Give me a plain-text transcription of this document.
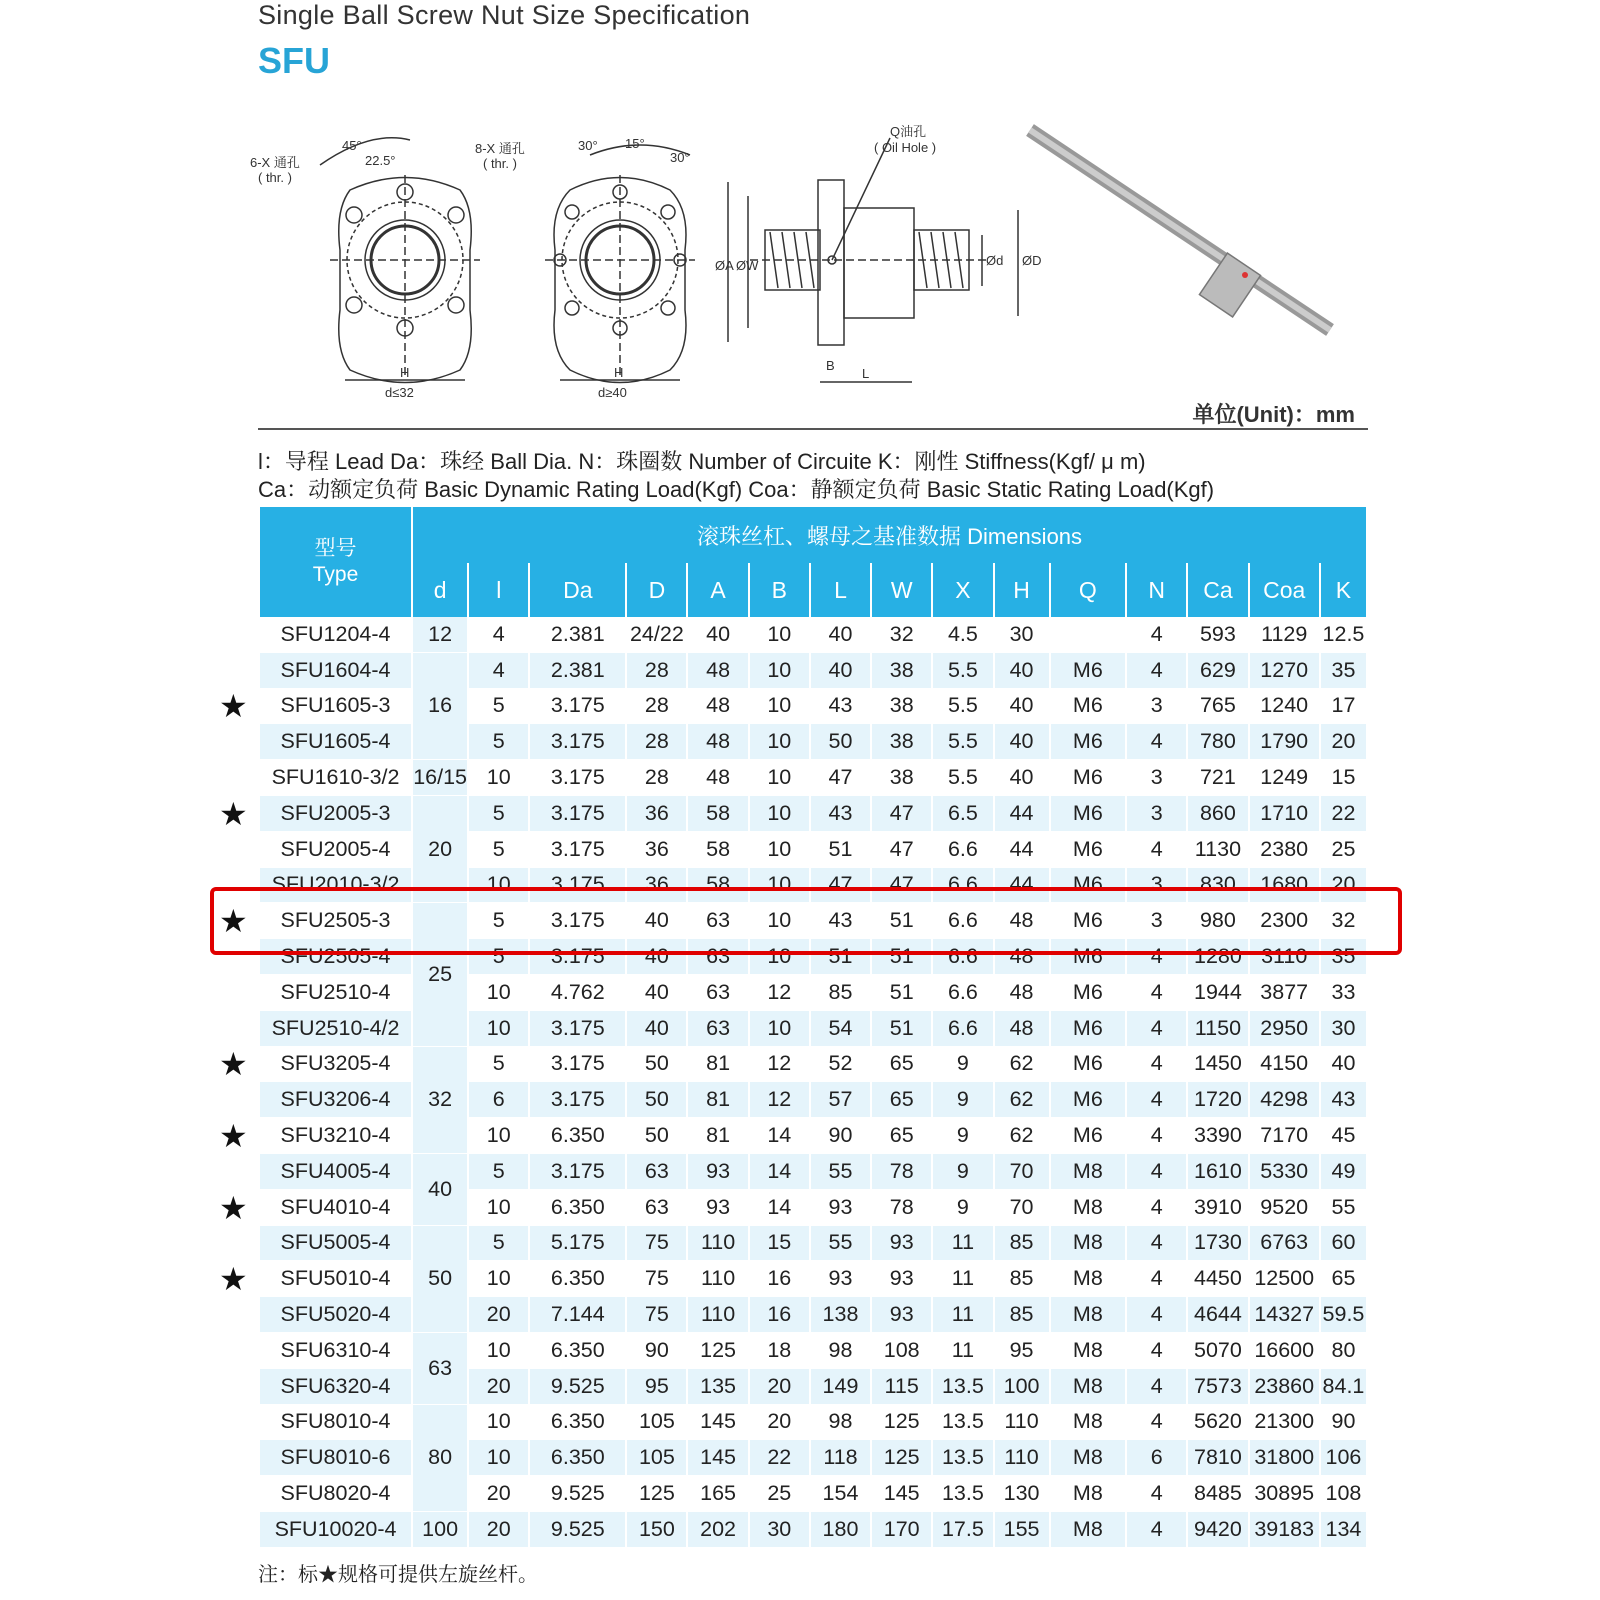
Single Ball Screw Nut Size Specification
SFU
6-X 通孔
( thr. )
45°
22.5°
H
d≤32
8-X 通孔
( thr. )
30° 15°
30°
H
d≥40
Q油孔
( Oil Hole )
ØA ØW	Ød ØD
B
L
单位(Unit)：mm
l：导程 Lead Da：珠经 Ball Dia. N：珠圈数 Number of Circuite K：刚性 Stiffness(Kgf/ μ m)
Ca：动额定负荷 Basic Dynamic Rating Load(Kgf) Coa：静额定负荷 Basic Static Rating Load(Kgf)
型号
Type	滚珠丝杠、螺母之基准数据 Dimensions														
	d	l	Da	D	A	B	L	W	X	H	Q	N	Ca	Coa	K
SFU1204-4	12	4	2.381	24/22	40	10	40	32	4.5	30		4	593	1129	12.5
SFU1604-4	16	4	2.381	28	48	10	40	38	5.5	40	M6	4	629	1270	35
SFU1605-3		5	3.175	28	48	10	43	38	5.5	40	M6	3	765	1240	17
SFU1605-4		5	3.175	28	48	10	50	38	5.5	40	M6	4	780	1790	20
SFU1610-3/2	16/15	10	3.175	28	48	10	47	38	5.5	40	M6	3	721	1249	15
SFU2005-3	20	5	3.175	36	58	10	43	47	6.5	44	M6	3	860	1710	22
SFU2005-4		5	3.175	36	58	10	51	47	6.6	44	M6	4	1130	2380	25
SFU2010-3/2		10	3.175	36	58	10	47	47	6.6	44	M6	3	830	1680	20
SFU2505-3	25	5	3.175	40	63	10	43	51	6.6	48	M6	3	980	2300	32
SFU2505-4		5	3.175	40	63	10	51	51	6.6	48	M6	4	1280	3110	35
SFU2510-4		10	4.762	40	63	12	85	51	6.6	48	M6	4	1944	3877	33
SFU2510-4/2		10	3.175	40	63	10	54	51	6.6	48	M6	4	1150	2950	30
SFU3205-4	32	5	3.175	50	81	12	52	65	9	62	M6	4	1450	4150	40
SFU3206-4		6	3.175	50	81	12	57	65	9	62	M6	4	1720	4298	43
SFU3210-4		10	6.350	50	81	14	90	65	9	62	M6	4	3390	7170	45
SFU4005-4	40	5	3.175	63	93	14	55	78	9	70	M8	4	1610	5330	49
SFU4010-4		10	6.350	63	93	14	93	78	9	70	M8	4	3910	9520	55
SFU5005-4	50	5	5.175	75	110	15	55	93	11	85	M8	4	1730	6763	60
SFU5010-4		10	6.350	75	110	16	93	93	11	85	M8	4	4450	12500	65
SFU5020-4		20	7.144	75	110	16	138	93	11	85	M8	4	4644	14327	59.5
SFU6310-4	63	10	6.350	90	125	18	98	108	11	95	M8	4	5070	16600	80
SFU6320-4		20	9.525	95	135	20	149	115	13.5	100	M8	4	7573	23860	84.1
SFU8010-4	80	10	6.350	105	145	20	98	125	13.5	110	M8	4	5620	21300	90
SFU8010-6		10	6.350	105	145	22	118	125	13.5	110	M8	6	7810	31800	106
SFU8020-4		20	9.525	125	165	25	154	145	13.5	130	M8	4	8485	30895	108
SFU10020-4	100	20	9.525	150	202	30	180	170	17.5	155	M8	4	9420	39183	134
注：标★规格可提供左旋丝杆。
★
★
★
★
★
★
★
